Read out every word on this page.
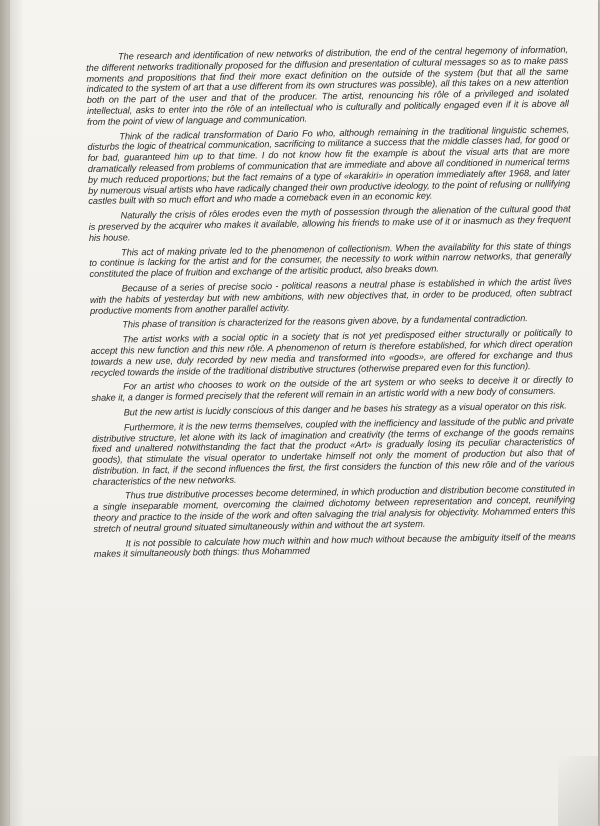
The research and identification of new networks of distribution, the end of the central hegemony of information, the different networks traditionally proposed for the diffusion and presentation of cultural messages so as to make pass moments and propositions that find their more exact definition on the outside of the system (but that all the same indicated to the system of art that a use different from its own structures was possible), all this takes on a new attention both on the part of the user and that of the producer. The artist, renouncing his rôle of a privileged and isolated intellectual, asks to enter into the rôle of an intellectual who is culturally and politically engaged even if it is above all from the point of view of language and communication.

Think of the radical transformation of Dario Fo who, although remaining in the traditional linguistic schemes, disturbs the logic of theatrical communication, sacrificing to militance a success that the middle classes had, for good or for bad, guaranteed him up to that time. I do not know how fit the example is about the visual arts that are more dramatically released from problems of communication that are immediate and above all conditioned in numerical terms by much reduced proportions; but the fact remains of a type of «karakiri» in operation immediately after 1968, and later by numerous visual artists who have radically changed their own productive ideology, to the point of refusing or nullifying castles built with so much effort and who made a comeback even in an economic key.

Naturally the crisis of rôles erodes even the myth of possession through the alienation of the cultural good that is preserved by the acquirer who makes it available, allowing his friends to make use of it or inasmuch as they frequent his house.

This act of making private led to the phenomenon of collectionism. When the availability for this state of things to continue is lacking for the artist and for the consumer, the necessity to work within narrow networks, that generally constituted the place of fruition and exchange of the artisitic product, also breaks down.

Because of a series of precise socio - political reasons a neutral phase is established in which the artist lives with the habits of yesterday but with new ambitions, with new objectives that, in order to be produced, often subtract productive moments from another parallel activity.

This phase of transition is characterized for the reasons given above, by a fundamental contradiction.

The artist works with a social optic in a society that is not yet predisposed either structurally or politically to accept this new function and this new rôle. A phenomenon of return is therefore established, for which direct operation towards a new use, duly recorded by new media and transformed into «goods», are offered for exchange and thus recycled towards the inside of the traditional distributive structures (otherwise prepared even for this function).

For an artist who chooses to work on the outside of the art system or who seeks to deceive it or directly to shake it, a danger is formed precisely that the referent will remain in an artistic world with a new body of consumers.

But the new artist is lucidly conscious of this danger and he bases his strategy as a visual operator on this risk.

Furthermore, it is the new terms themselves, coupled with the inefficiency and lassitude of the public and private distributive structure, let alone with its lack of imagination and creativity (the terms of exchange of the goods remains fixed and unaltered notwithstanding the fact that the product «Art» is gradually losing its peculiar characteristics of goods), that stimulate the visual operator to undertake himself not only the moment of production but also that of distribution. In fact, if the second influences the first, the first considers the function of this new rôle and of the various characteristics of the new networks.

Thus true distributive processes become determined, in which production and distribution become constituted in a single inseparable moment, overcoming the claimed dichotomy between representation and concept, reunifying theory and practice to the inside of the work and often salvaging the trial analysis for objectivity. Mohammed enters this stretch of neutral ground situated simultaneously within and without the art system.

It is not possible to calculate how much within and how much without because the ambiguity itself of the means makes it simultaneously both things: thus Mohammed
